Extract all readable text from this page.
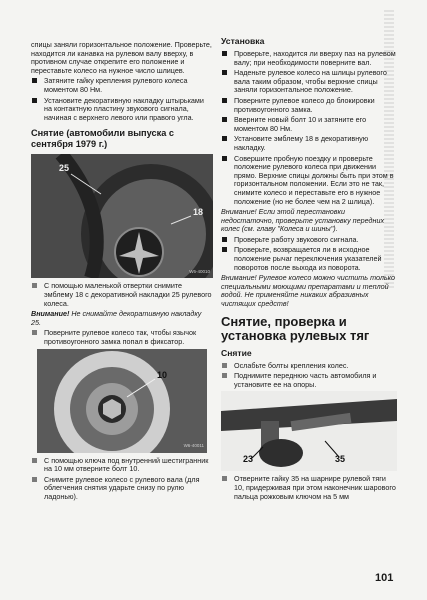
спицы заняли горизонтальное положение. Проверьте, находится ли канавка на рулевом валу вверху, в противном случае открепите его положение и переставьте колесо на нужное число шлицев.

Затяните гайку крепления рулевого колеса моментом 80 Нм.
Установите декоративную накладку штырьками на контактную пластину звукового сигнала, начиная с верхнего левого или правого угла.
Снятие (автомобили выпуска с сентября 1979 г.)
25
18
W6-40010
С помощью маленькой отвертки снимите эмблему 18 с декоративной накладки 25 рулевого колеса.

Внимание! Не снимайте декоративную накладку 25.

Поверните рулевое колесо так, чтобы язычок противоугонного замка попал в фиксатор.
10
W6-40011
С помощью ключа под внутренний шестигранник на 10 мм отверните болт 10.
Снимите рулевое колесо с рулевого вала (для облегчения снятия ударьте снизу по рулю ладонью).
Установка
Проверьте, находится ли вверху паз на рулевом валу; при необходимости поверните вал.
Наденьте рулевое колесо на шлицы рулевого вала таким образом, чтобы верхние спицы заняли горизонтальное положение.
Поверните рулевое колесо до блокировки противоугонного замка.
Вверните новый болт 10 и затяните его моментом 80 Нм.
Установите эмблему 18 в декоративную накладку.
Совершите пробную поездку и проверьте положение рулевого колеса при движении прямо. Верхние спицы должны быть при этом в горизонтальном положении. Если это не так, снимите колесо и переставьте его в нужное положение (но не более чем на 2 шлица).

Внимание! Если этой перестановки недостаточно, проверьте установку передних колес (см. главу "Колеса и шины").

Проверьте работу звукового сигнала.
Проверьте, возвращается ли в исходное положение рычаг переключения указателей поворотов после выхода из поворота.

Внимание! Рулевое колесо можно чистить только специальными моющими препаратами и теплой водой. Не применяйте никаких абразивных чистящих средств!

Снятие, проверка и установка рулевых тяг
Снятие
Ослабьте болты крепления колес.
Поднимите переднюю часть автомобиля и установите ее на опоры.
23	35
Отверните гайку 35 на шарнире рулевой тяги 10, придерживая при этом наконечник шарового пальца рожковым ключом на 5 мм
101
